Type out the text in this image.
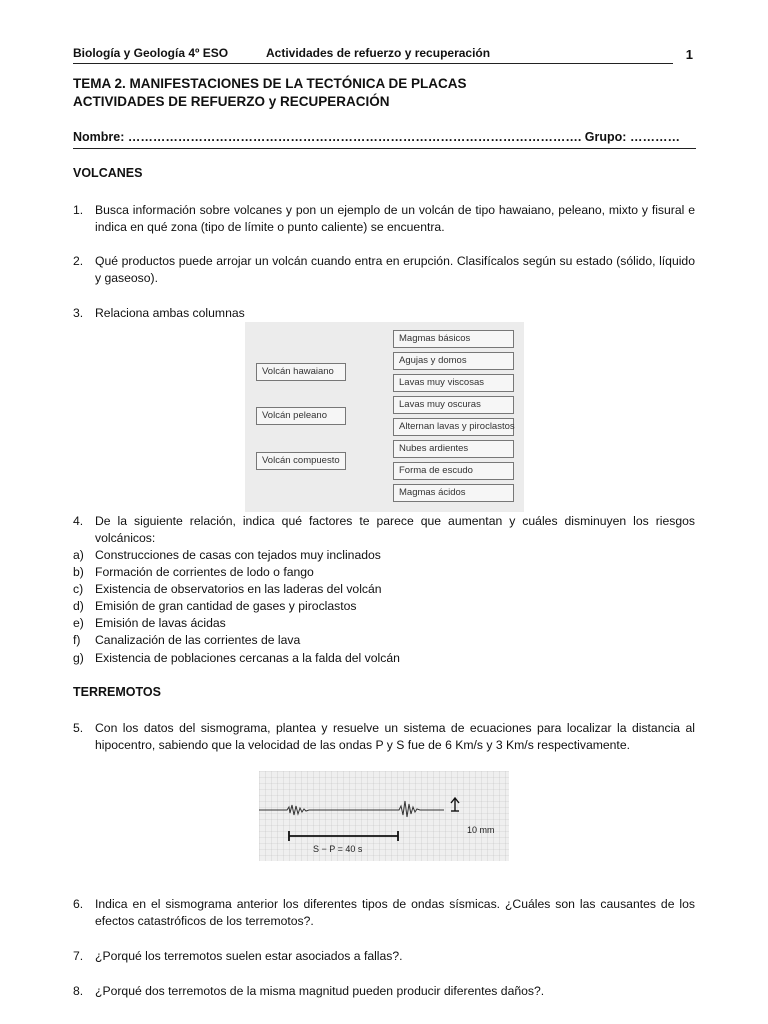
Biología y Geología 4º ESO	Actividades de refuerzo y recuperación	1
TEMA 2. MANIFESTACIONES DE LA TECTÓNICA DE PLACAS
ACTIVIDADES DE REFUERZO y RECUPERACIÓN
Nombre: ………………………………………………………………………………………………. Grupo: …………
VOLCANES
1. Busca información sobre volcanes y pon un ejemplo de un volcán de tipo hawaiano, peleano, mixto y fisural e indica en qué zona (tipo de límite o punto caliente) se encuentra.
2. Qué productos puede arrojar un volcán cuando entra en erupción. Clasifícalos según su estado (sólido, líquido y gaseoso).
3. Relaciona ambas columnas
Volcán hawaiano
Volcán peleano
Volcán compuesto
Magmas básicos
Agujas y domos
Lavas muy viscosas
Lavas muy oscuras
Alternan lavas y piroclastos
Nubes ardientes
Forma de escudo
Magmas ácidos
4. De la siguiente relación, indica qué factores te parece que aumentan y cuáles disminuyen los riesgos volcánicos:
a) Construcciones de casas con tejados muy inclinados
b) Formación de corrientes de lodo o fango
c) Existencia de observatorios en las laderas del volcán
d) Emisión de gran cantidad de gases y piroclastos
e) Emisión de lavas ácidas
f) Canalización de las corrientes de lava
g) Existencia de poblaciones cercanas a la falda del volcán
TERREMOTOS
5. Con los datos del sismograma, plantea y resuelve un sistema de ecuaciones para localizar la distancia al hipocentro, sabiendo que la velocidad de las ondas P y S fue de 6 Km/s y 3 Km/s respectivamente.
10 mm
S − P = 40 s
6. Indica en el sismograma anterior los diferentes tipos de ondas sísmicas. ¿Cuáles son las causantes de los efectos catastróficos de los terremotos?.
7. ¿Porqué los terremotos suelen estar asociados a fallas?.
8. ¿Porqué dos terremotos de la misma magnitud pueden producir diferentes daños?.
